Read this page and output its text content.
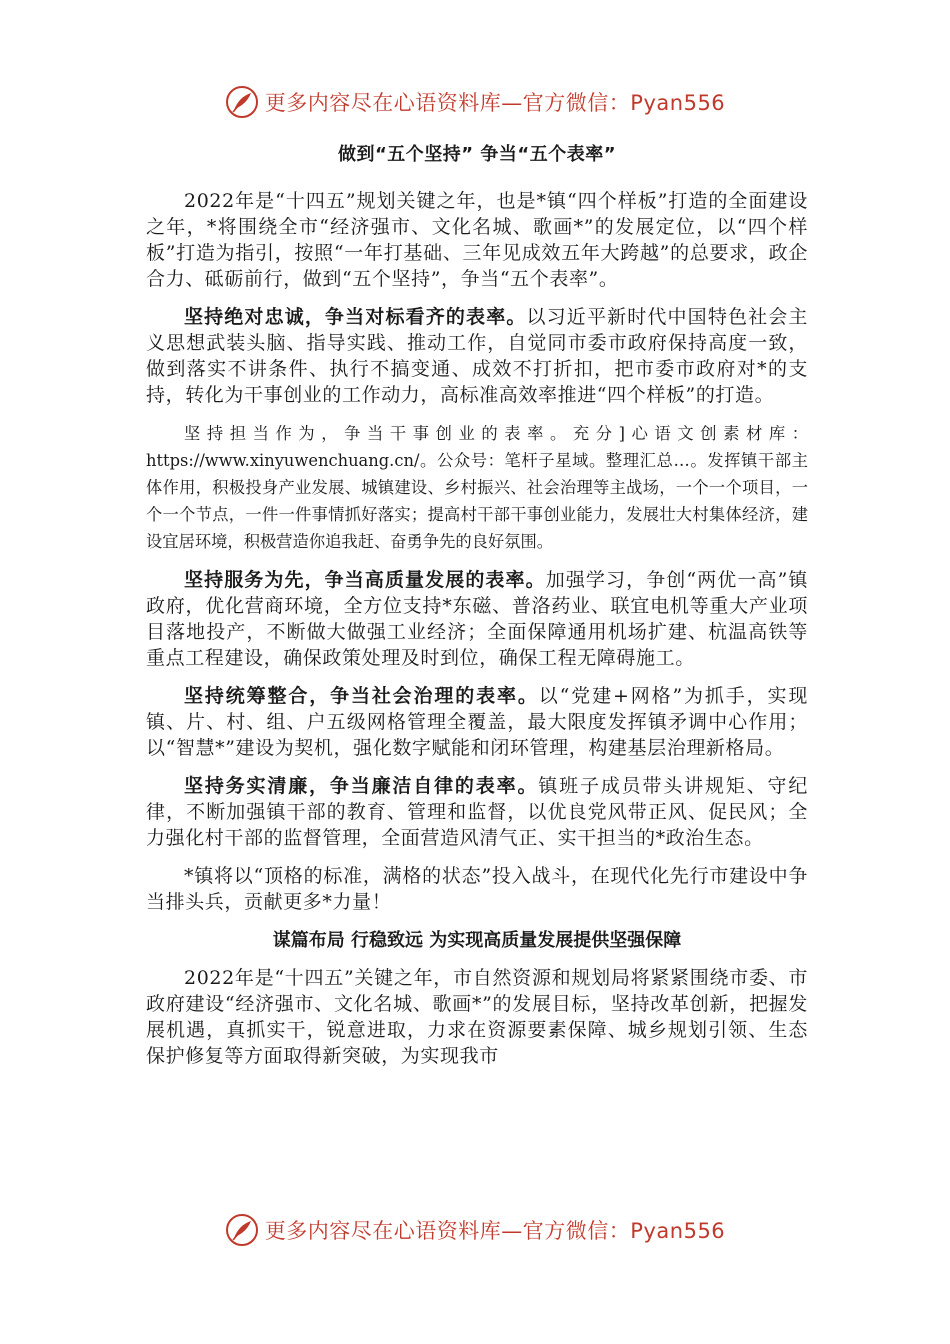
更多内容尽在心语资料库—官方微信：Pyan556
做到“五个坚持” 争当“五个表率”

2022年是“十四五”规划关键之年，也是*镇“四个样板”打造的全面建设之年，*将围绕全市“经济强市、文化名城、歌画*”的发展定位，以“四个样板”打造为指引，按照“一年打基础、三年见成效五年大跨越”的总要求，政企合力、砥砺前行，做到“五个坚持”，争当“五个表率”。

坚持绝对忠诚，争当对标看齐的表率。以习近平新时代中国特色社会主义思想武装头脑、指导实践、推动工作，自觉同市委市政府保持高度一致，做到落实不讲条件、执行不搞变通、成效不打折扣，把市委市政府对*的支持，转化为干事创业的工作动力，高标准高效率推进“四个样板”的打造。

坚持担当作为，争当干事创业的表率。充分]心语文创素材库：https://www.xinyuwenchuang.cn/。公众号：笔杆子星域。整理汇总…。发挥镇干部主体作用，积极投身产业发展、城镇建设、乡村振兴、社会治理等主战场，一个一个项目，一个一个节点，一件一件事情抓好落实；提高村干部干事创业能力，发展壮大村集体经济，建设宜居环境，积极营造你追我赶、奋勇争先的良好氛围。

坚持服务为先，争当高质量发展的表率。加强学习，争创“两优一高”镇政府，优化营商环境，全方位支持*东磁、普洛药业、联宜电机等重大产业项目落地投产，不断做大做强工业经济；全面保障通用机场扩建、杭温高铁等重点工程建设，确保政策处理及时到位，确保工程无障碍施工。

坚持统筹整合，争当社会治理的表率。以“党建+网格”为抓手，实现镇、片、村、组、户五级网格管理全覆盖，最大限度发挥镇矛调中心作用；以“智慧*”建设为契机，强化数字赋能和闭环管理，构建基层治理新格局。

坚持务实清廉，争当廉洁自律的表率。镇班子成员带头讲规矩、守纪律，不断加强镇干部的教育、管理和监督，以优良党风带正风、促民风；全力强化村干部的监督管理，全面营造风清气正、实干担当的*政治生态。

*镇将以“顶格的标准，满格的状态”投入战斗，在现代化先行市建设中争当排头兵，贡献更多*力量！

谋篇布局 行稳致远 为实现高质量发展提供坚强保障

2022年是“十四五”关键之年，市自然资源和规划局将紧紧围绕市委、市政府建设“经济强市、文化名城、歌画*”的发展目标，坚持改革创新，把握发展机遇，真抓实干，锐意进取，力求在资源要素保障、城乡规划引领、生态保护修复等方面取得新突破，为实现我市

更多内容尽在心语资料库—官方微信：Pyan556
